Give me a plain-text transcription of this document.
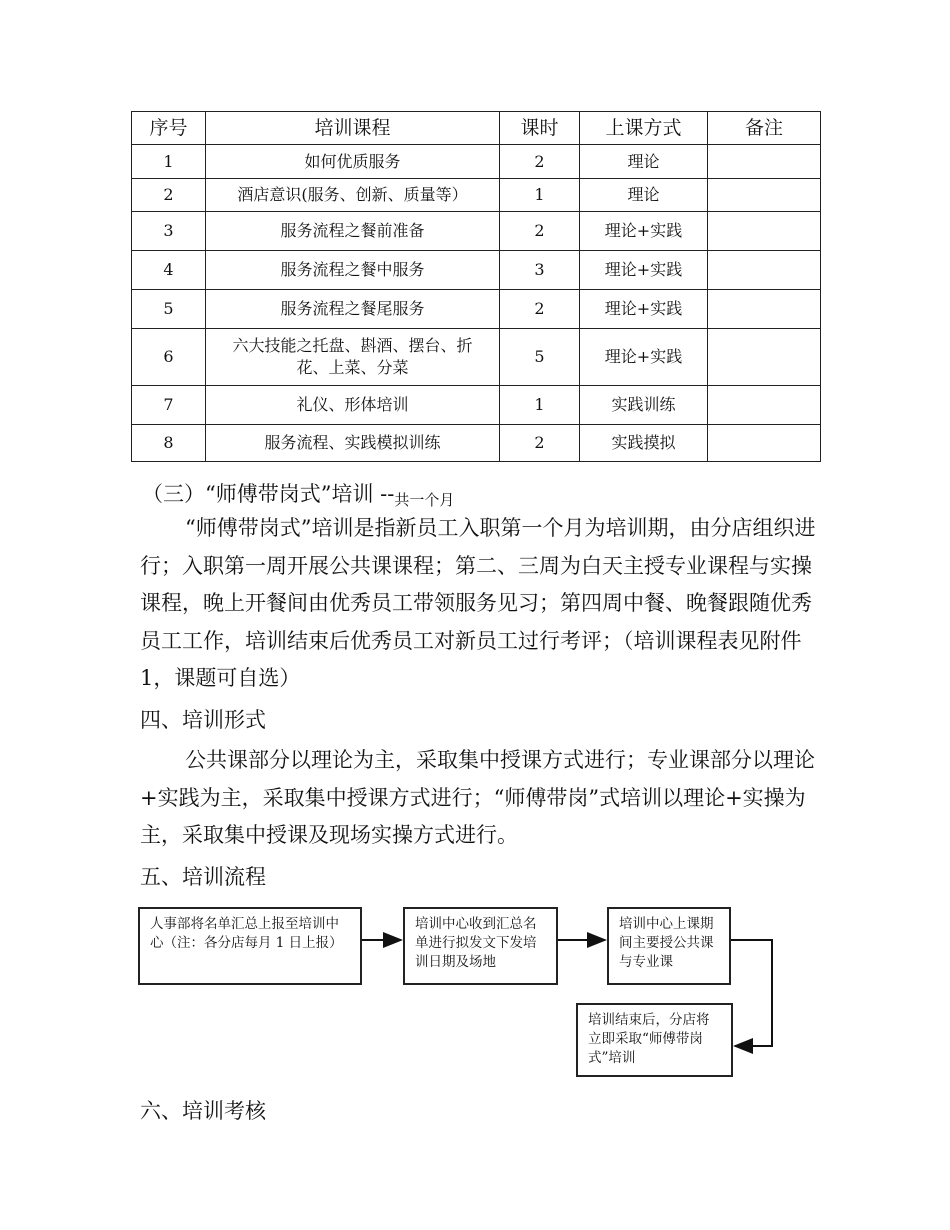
序号	培训课程	课时	上课方式	备注
1	如何优质服务	2	理论	
2	酒店意识(服务、创新、质量等）	1	理论	
3	服务流程之餐前准备	2	理论+实践	
4	服务流程之餐中服务	3	理论+实践	
5	服务流程之餐尾服务	2	理论+实践	
6	六大技能之托盘、斟酒、摆台、折花、上菜、分菜	5	理论+实践	
7	礼仪、形体培训	1	实践训练	
8	服务流程、实践模拟训练	2	实践摸拟	

（三）“师傅带岗式”培训 --共一个月

“师傅带岗式”培训是指新员工入职第一个月为培训期，由分店组织进行；入职第一周开展公共课课程；第二、三周为白天主授专业课程与实操课程，晚上开餐间由优秀员工带领服务见习；第四周中餐、晚餐跟随优秀员工工作，培训结束后优秀员工对新员工过行考评；（培训课程表见附件 1，课题可自选）

四、培训形式

公共课部分以理论为主，采取集中授课方式进行；专业课部分以理论+实践为主，采取集中授课方式进行；“师傅带岗”式培训以理论+实操为主，采取集中授课及现场实操方式进行。

五、培训流程

人事部将名单汇总上报至培训中心（注：各分店每月 1 日上报）
培训中心收到汇总名单进行拟发文下发培训日期及场地
培训中心上课期间主要授公共课与专业课
培训结束后，分店将立即采取“师傅带岗式”培训

六、培训考核
